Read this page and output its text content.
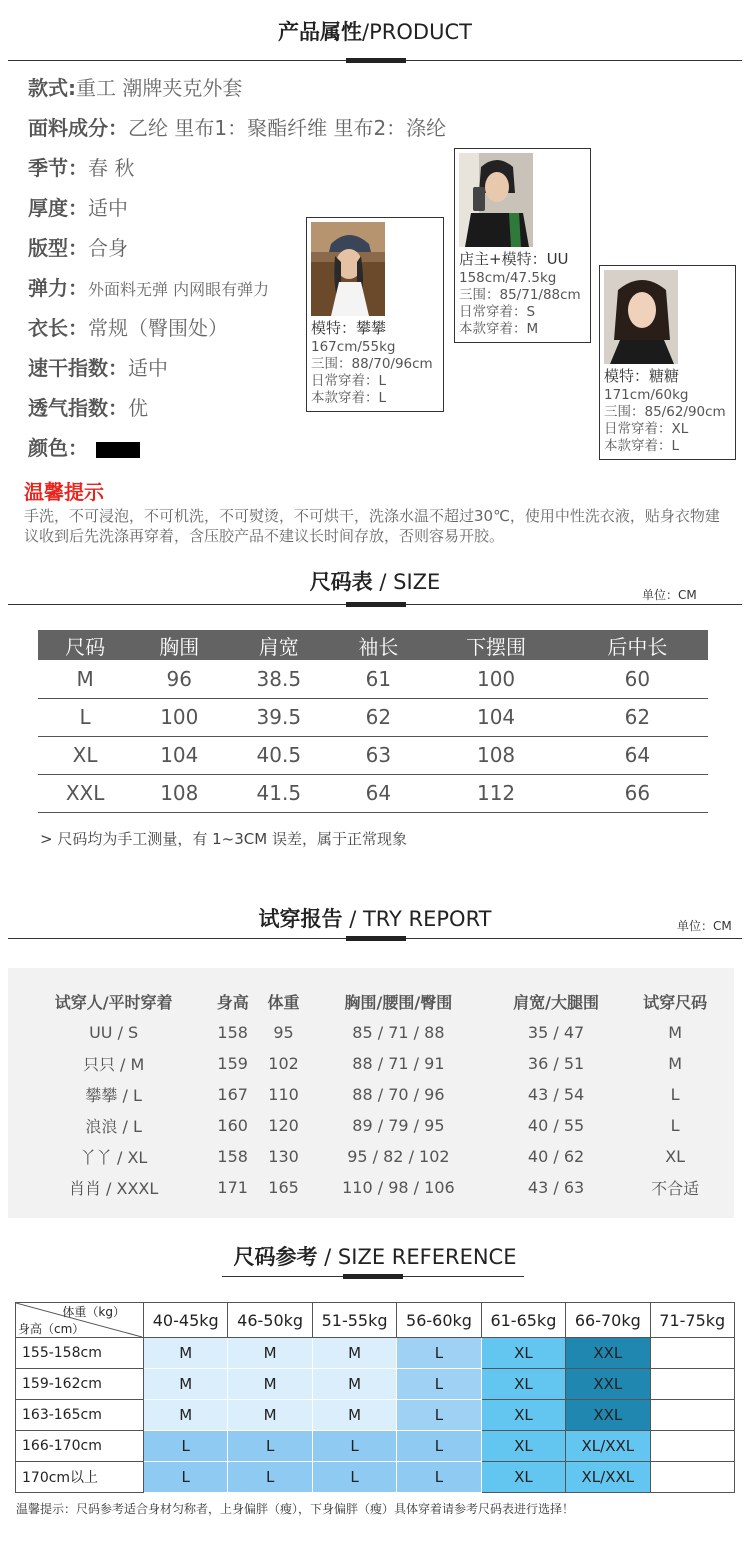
产品属性/PRODUCT
款式:重工 潮牌夹克外套
面料成分：乙纶 里布1：聚酯纤维 里布2：涤纶
季节：春 秋
厚度：适中
版型：合身
弹力：外面料无弹 内网眼有弹力
衣长：常规（臀围处）
速干指数：适中
透气指数：优
颜色：
模特：攀攀
167cm/55kg
三围：88/70/96cm
日常穿着：L
本款穿着：L
店主+模特：UU
158cm/47.5kg
三围：85/71/88cm
日常穿着：S
本款穿着：M
模特：糖糖
171cm/60kg
三围：85/62/90cm
日常穿着：XL
本款穿着：L
温馨提示
手洗，不可浸泡，不可机洗，不可熨烫，不可烘干，洗涤水温不超过30℃，使用中性洗衣液，贴身衣物建议收到后先洗涤再穿着，含压胶产品不建议长时间存放，否则容易开胶。
尺码表 / SIZE
单位：CM
尺码	胸围	肩宽	袖长	下摆围	后中长
M	96	38.5	61	100	60
L	100	39.5	62	104	62
XL	104	40.5	63	108	64
XXL	108	41.5	64	112	66
> 尺码均为手工测量，有 1~3CM 误差，属于正常现象
试穿报告 / TRY REPORT	单位：CM
试穿人/平时穿着	身高	体重	胸围/腰围/臀围	肩宽/大腿围	试穿尺码
UU / S	158	95	85 / 71 / 88	35 / 47	M
只只 / M	159	102	88 / 71 / 91	36 / 51	M
攀攀 / L	167	110	88 / 70 / 96	43 / 54	L
浪浪 / L	160	120	89 / 79 / 95	40 / 55	L
丫丫 / XL	158	130	95 / 82 / 102	40 / 62	XL
肖肖 / XXXL	171	165	110 / 98 / 106	43 / 63	不合适
尺码参考 / SIZE REFERENCE
体重（kg）
身高（cm）	40-45kg	46-50kg	51-55kg	56-60kg	61-65kg	66-70kg	71-75kg
155-158cm	M	M	M	L	XL	XXL	
159-162cm	M	M	M	L	XL	XXL	
163-165cm	M	M	M	L	XL	XXL	
166-170cm	L	L	L	L	XL	XL/XXL	
170cm以上	L	L	L	L	XL	XL/XXL	
温馨提示：尺码参考适合身材匀称者，上身偏胖（瘦），下身偏胖（瘦）具体穿着请参考尺码表进行选择！
